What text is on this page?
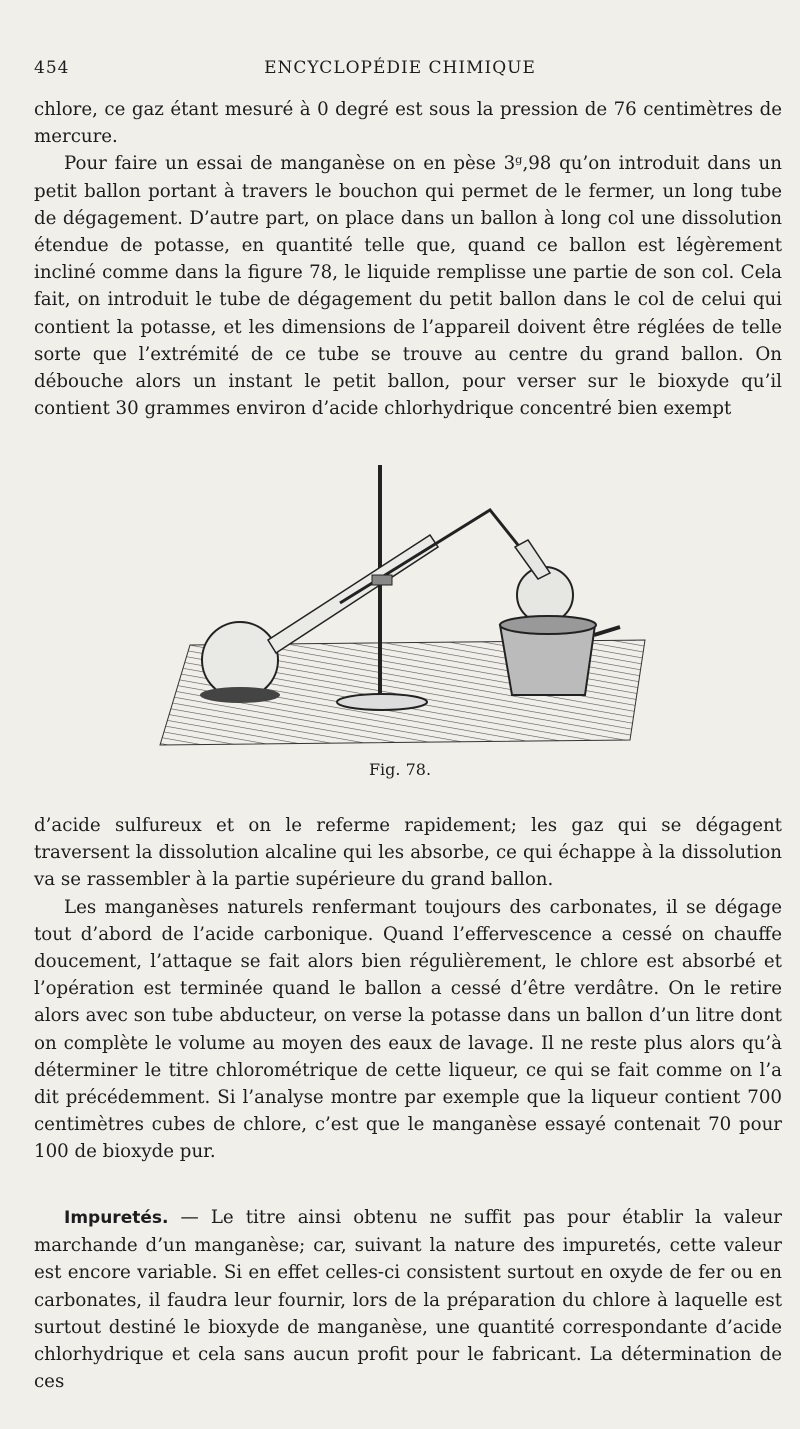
454	ENCYCLOPÉDIE CHIMIQUE

chlore, ce gaz étant mesuré à 0 degré est sous la pression de 76 centimètres de mercure.

Pour faire un essai de manganèse on en pèse 3ᵍ,98 qu’on introduit dans un petit ballon portant à travers le bouchon qui permet de le fermer, un long tube de dégagement. D’autre part, on place dans un ballon à long col une dissolution étendue de potasse, en quantité telle que, quand ce ballon est légèrement incliné comme dans la figure 78, le liquide remplisse une partie de son col. Cela fait, on introduit le tube de dégagement du petit ballon dans le col de celui qui contient la potasse, et les dimensions de l’appareil doivent être réglées de telle sorte que l’extrémité de ce tube se trouve au centre du grand ballon. On débouche alors un instant le petit ballon, pour verser sur le bioxyde qu’il contient 30 grammes environ d’acide chlorhydrique concentré bien exempt

Fig. 78.

d’acide sulfureux et on le referme rapidement; les gaz qui se dégagent traversent la dissolution alcaline qui les absorbe, ce qui échappe à la dissolution va se rassembler à la partie supérieure du grand ballon.

Les manganèses naturels renfermant toujours des carbonates, il se dégage tout d’abord de l’acide carbonique. Quand l’effervescence a cessé on chauffe doucement, l’attaque se fait alors bien régulièrement, le chlore est absorbé et l’opération est terminée quand le ballon a cessé d’être verdâtre. On le retire alors avec son tube abducteur, on verse la potasse dans un ballon d’un litre dont on complète le volume au moyen des eaux de lavage. Il ne reste plus alors qu’à déterminer le titre chlorométrique de cette liqueur, ce qui se fait comme on l’a dit précédemment. Si l’analyse montre par exemple que la liqueur contient 700 centimètres cubes de chlore, c’est que le manganèse essayé contenait 70 pour 100 de bioxyde pur.

Impuretés. — Le titre ainsi obtenu ne suffit pas pour établir la valeur marchande d’un manganèse; car, suivant la nature des impuretés, cette valeur est encore variable. Si en effet celles-ci consistent surtout en oxyde de fer ou en carbonates, il faudra leur fournir, lors de la préparation du chlore à laquelle est surtout destiné le bioxyde de manganèse, une quantité correspondante d’acide chlorhydrique et cela sans aucun profit pour le fabricant. La détermination de ces
